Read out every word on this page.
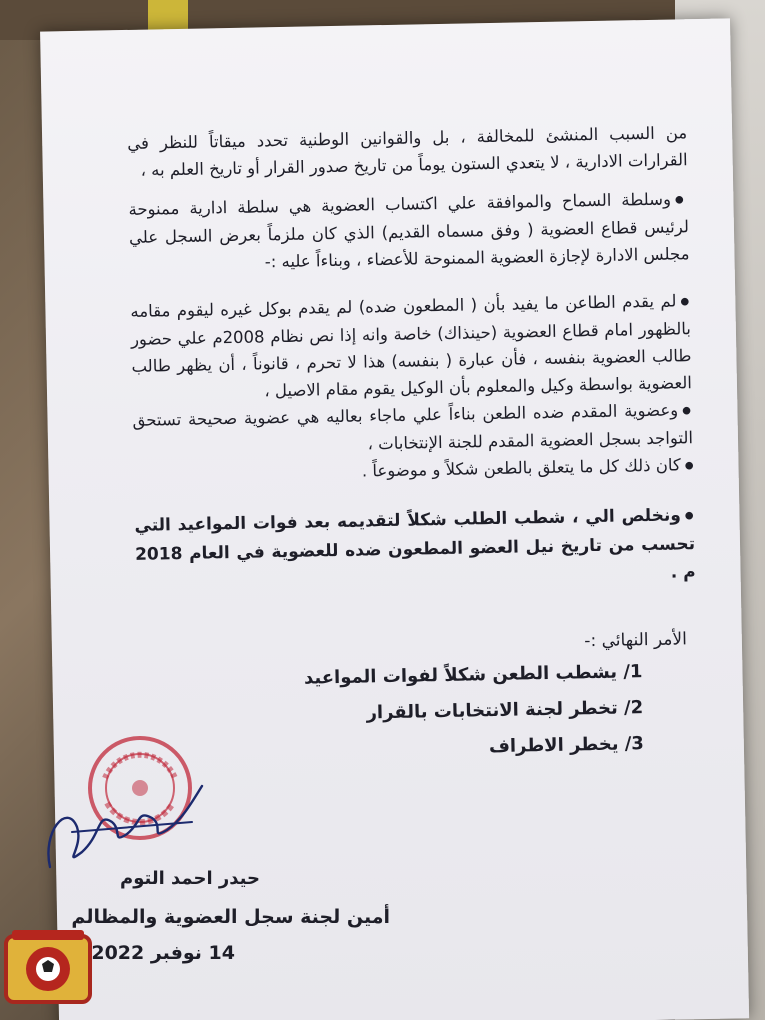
من السبب المنشئ للمخالفة ، بل والقوانين الوطنية تحدد ميقاتاً للنظر في القرارات الادارية ، لا يتعدي الستون يوماً من تاريخ صدور القرار أو تاريخ العلم به ،

● وسلطة السماح والموافقة علي اكتساب العضوية هي سلطة ادارية ممنوحة لرئيس قطاع العضوية ( وفق مسماه القديم) الذي كان ملزماً بعرض السجل علي مجلس الادارة لإجازة العضوية الممنوحة للأعضاء ، وبناءاً عليه :-

● لم يقدم الطاعن ما يفيد بأن ( المطعون ضده) لم يقدم بوكل غيره ليقوم مقامه بالظهور امام قطاع العضوية (حينذاك) خاصة وانه إذا نص نظام 2008م علي حضور طالب العضوية بنفسه ، فأن عبارة ( بنفسه) هذا لا تحرم ، قانوناً ، أن يظهر طالب العضوية بواسطة وكيل والمعلوم بأن الوكيل يقوم مقام الاصيل ،

● وعضوية المقدم ضده الطعن بناءاً علي ماجاء بعاليه هي عضوية صحيحة تستحق التواجد بسجل العضوية المقدم للجنة الإنتخابات ،

● كان ذلك كل ما يتعلق بالطعن شكلاً و موضوعاً .

● ونخلص الي ، شطب الطلب شكلاً لتقديمه بعد فوات المواعيد التي تحسب من تاريخ نيل العضو المطعون ضده للعضوية في العام 2018 م .

الأمر النهائي :-
1/ يشطب الطعن شكلاً لفوات المواعيد
2/ تخطر لجنة الانتخابات بالقرار
3/ يخطر الاطراف
حيدر احمد التوم
أمين لجنة سجل العضوية والمظالم
14 نوفبر 2022
